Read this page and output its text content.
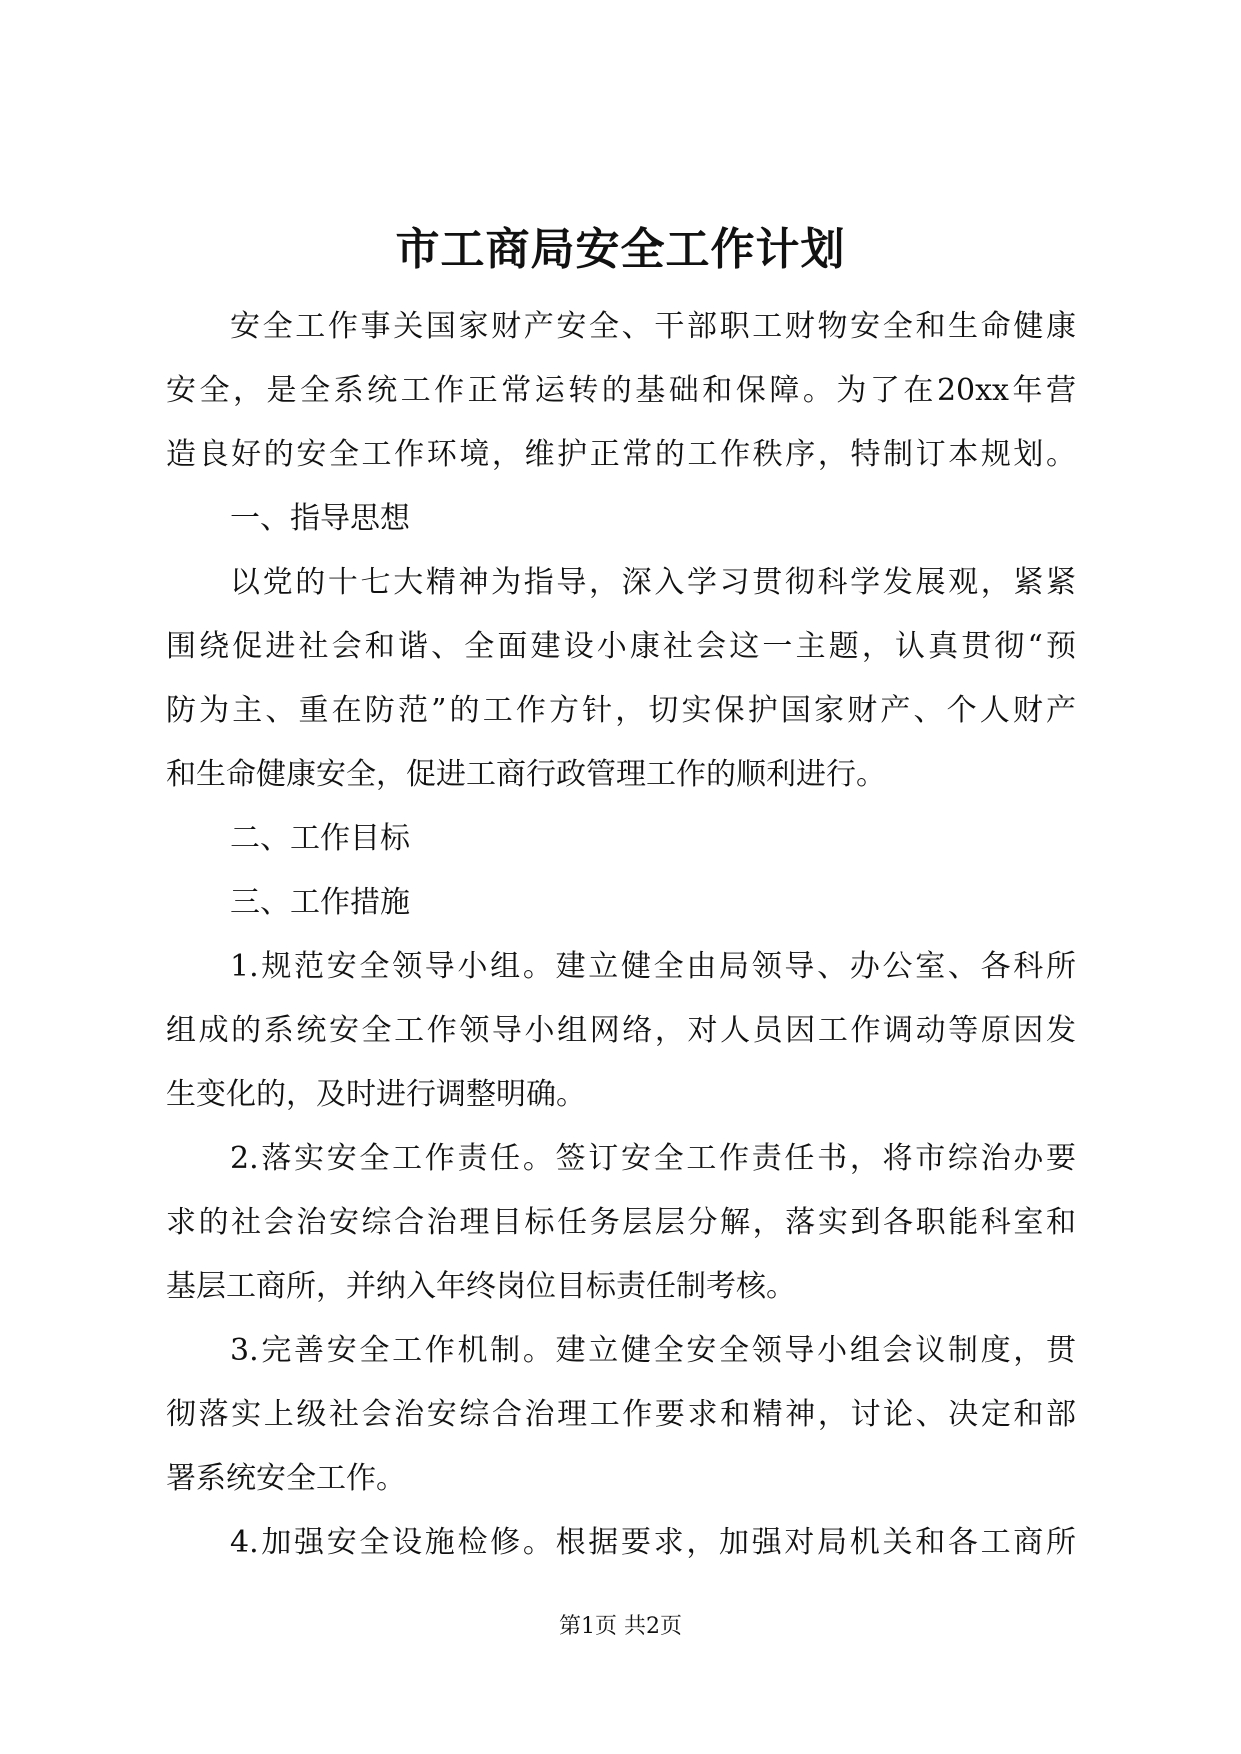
市工商局安全工作计划
安全工作事关国家财产安全、干部职工财物安全和生命健康
安全，是全系统工作正常运转的基础和保障。为了在20xx年营
造良好的安全工作环境，维护正常的工作秩序，特制订本规划。
一、指导思想
以党的十七大精神为指导，深入学习贯彻科学发展观，紧紧
围绕促进社会和谐、全面建设小康社会这一主题，认真贯彻“预
防为主、重在防范”的工作方针，切实保护国家财产、个人财产
和生命健康安全，促进工商行政管理工作的顺利进行。
二、工作目标
三、工作措施
1.规范安全领导小组。建立健全由局领导、办公室、各科所
组成的系统安全工作领导小组网络，对人员因工作调动等原因发
生变化的，及时进行调整明确。
2.落实安全工作责任。签订安全工作责任书，将市综治办要
求的社会治安综合治理目标任务层层分解，落实到各职能科室和
基层工商所，并纳入年终岗位目标责任制考核。
3.完善安全工作机制。建立健全安全领导小组会议制度，贯
彻落实上级社会治安综合治理工作要求和精神，讨论、决定和部
署系统安全工作。
4.加强安全设施检修。根据要求，加强对局机关和各工商所
第1页 共2页
